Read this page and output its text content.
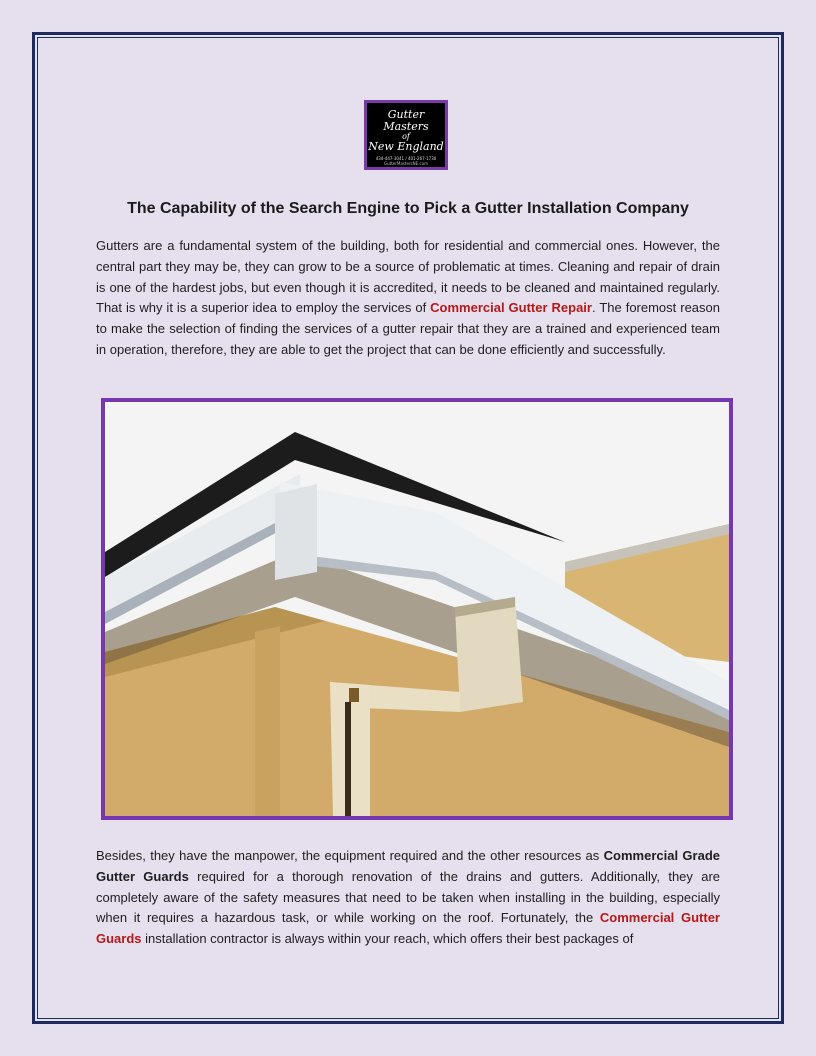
Gutter Masters
of
New England
434-447-3041 / 401-267-1730
GutterMastersNE.com
The Capability of the Search Engine to Pick a Gutter Installation Company

Gutters are a fundamental system of the building, both for residential and commercial ones. However, the central part they may be, they can grow to be a source of problematic at times. Cleaning and repair of drain is one of the hardest jobs, but even though it is accredited, it needs to be cleaned and maintained regularly. That is why it is a superior idea to employ the services of Commercial Gutter Repair. The foremost reason to make the selection of finding the services of a gutter repair that they are a trained and experienced team in operation, therefore, they are able to get the project that can be done efficiently and successfully.

Besides, they have the manpower, the equipment required and the other resources as Commercial Grade Gutter Guards required for a thorough renovation of the drains and gutters. Additionally, they are completely aware of the safety measures that need to be taken when installing in the building, especially when it requires a hazardous task, or while working on the roof. Fortunately, the Commercial Gutter Guards installation contractor is always within your reach, which offers their best packages of
